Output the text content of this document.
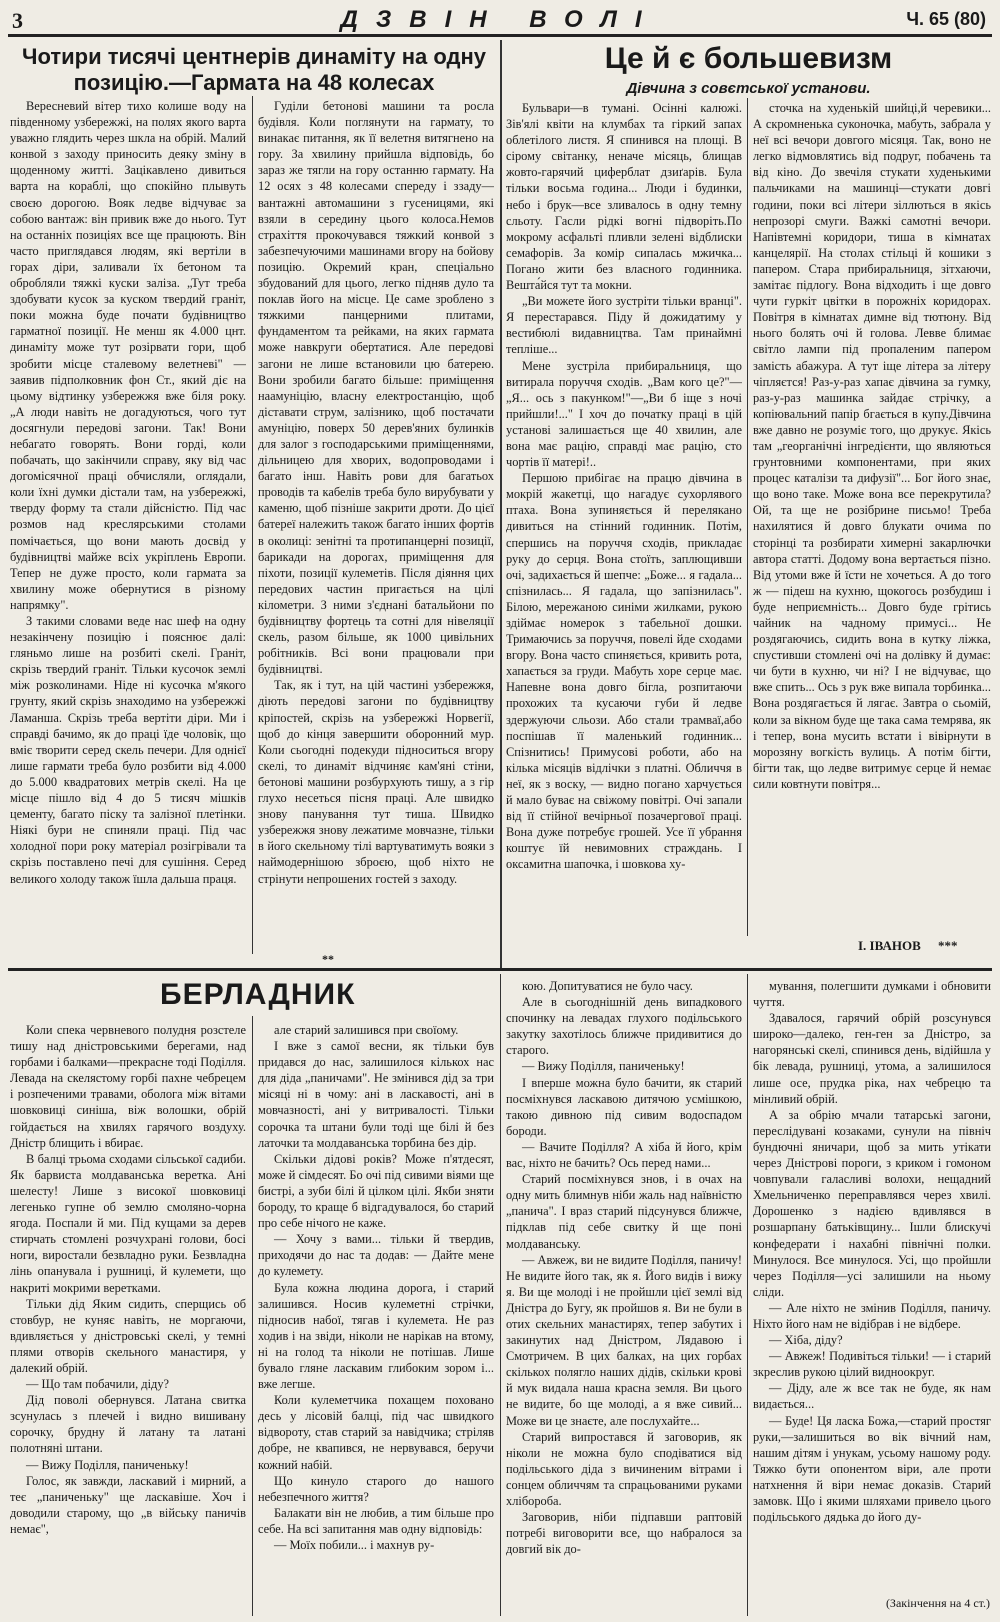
3	ДЗВІН ВОЛІ	Ч. 65 (80)
Чотири тисячі центнерів динаміту на одну позицію.—Гармата на 48 колесах

Вересневий вітер тихо колише воду на південному узбережжі, на полях якого варта уважно глядить через шкла на обрій. Малий конвой з заходу приносить деяку зміну в щоденному житті. Зацікавлено дивиться варта на кораблі, що спокійно плывуть своєю дорогою. Вояк ледве відчуває за собою вантаж: він привик вже до нього. Тут на останніх позиціях все ще працюють. Він часто приглядався людям, які вертіли в горах діри, заливали їх бетоном та обробляли тяжкі куски заліза. „Тут треба здобувати кусок за куском твердий граніт, поки можна буде почати будівництво гарматної позиції. Не менш як 4.000 цнт. динаміту може тут розірвати гори, щоб зробити місце сталевому велетневі" — заявив підполковник фон Ст., який діє на цьому відтинку узбережжя вже біля року. „А люди навіть не догадуються, чого тут досягнули передові загони. Так! Вони небагато говорять. Вони горді, коли побачать, що закінчили справу, яку від час догомісячної праці обчисляли, оглядали, коли їхні думки дістали там, на узбережжі, тверду форму та стали дійсністю. Під час розмов над креслярськими столами помічається, що вони мають досвід у будівництві майже всіх укріплень Европи. Тепер не дуже просто, коли гармата за хвилину може обернутися в різному напрямку".

З такими словами веде нас шеф на одну незакінчену позицію і пояснює далі: гляньмо лише на розбиті скелі. Граніт, скрізь твердий граніт. Тільки кусочок землі між розколинами. Ніде ні кусочка м'якого грунту, який скрізь знаходимо на узбережжі Ламанша. Скрізь треба вертіти діри. Ми і справді бачимо, як до праці їде чоловік, що вміє творити серед скель печери. Для однієї лише гармати треба було розбити від 4.000 до 5.000 квадратових метрів скелі. На це місце пішло від 4 до 5 тисяч мішків цементу, багато піску та залізної плетінки. Ніякі бури не спиняли праці. Під час холодної пори року матеріал розігрівали та скрізь поставлено печі для сушіння. Серед великого холоду також їшла дальша праця.

Гуділи бетонові машини та росла будівля. Коли поглянути на гармату, то винакає питання, як її велетня витягнено на гору. За хвилину прийшла відповідь, бо зараз же тягли на гору останню гармату. На 12 осях з 48 колесами спереду і ззаду—вантажні автомашини з гусеницями, які взяли в середину цього колоса.Немов страхіття прокочувався тяжкий конвой з забезпечуючими машинами вгору на бойову позицію. Окремий кран, спеціально збудований для цього, легко підняв дуло та поклав його на місце. Це саме зроблено з тяжкими панцерними плитами, фундаментом та рейками, на яких гармата може навкруги обертатися. Але передові загони не лише встановили цю батерею. Вони зробили багато більше: приміщення наамуніцію, власну електростанцію, щоб діставати струм, залізнико, щоб постачати амуніцію, поверх 50 дерев'яних булинків для залог з господарськими приміщеннями, дільницею для хворих, водопроводами і багато інш. Навіть рови для багатьох проводів та кабелів треба було вирубувати у каменю, щоб пізніше закрити дроти. До цієї батереї належить також багато інших фортів в околиці: зенітні та протипанцерні позиції, барикади на дорогах, приміщення для піхоти, позиції кулеметів. Після діяння цих передових частин пригається на цілі кілометри. З ними з'єднані батальйони по будівництву фортець та сотні для нівеляції скель, разом більше, як 1000 цивільних робітників. Всі вони працювали при будівництві.

Так, як і тут, на цій частині узбережжя, діють передові загони по будівництву кріпостей, скрізь на узбережжі Норвегії, щоб до кінця завершити оборонний мур. Коли сьогодні подекуди підноситься вгору скелі, то динаміт відчиняє кам'яні стіни, бетонові машини розбурхують тишу, а з гір глухо несеться пісня праці. Але швидко знову панування тут тиша. Швидко узбережжя знову лежатиме мовчазне, тільки в його скельному тілі вартуватимуть вояки з наймодернішою зброєю, щоб ніхто не стрінути непрошених гостей з заходу.

**
Це й є большевизм
Дівчина з совєтської установи.

Бульвари—в тумані. Осінні калюжі. Зів'ялі квіти на клумбах та гіркий запах облетілого листя. Я спинився на площі. В сірому світанку, неначе місяць, блищав жовто-гарячий циферблат дзиґарів. Була тільки восьма година... Люди і будинки, небо і брук—все зливалось в одну темну сльоту. Гасли рідкі вогні підворіть.По мокрому асфальті пливли зелені відблиски семафорів. За комір сипалась мжичка... Погано жити без власного годинника. Вешта́йся тут та мокни.

„Ви можете його зустріти тільки вранці". Я перестарався. Піду й дожидатиму у вестибюлі видавництва. Там принаймні тепліше...

Мене зустріла прибиральниця, що витирала поруччя сходів. „Вам кого це?"—„Я... ось з пакунком!"—„Ви б іще з ночі прийшли!..." І хоч до початку праці в цій установі залишається ще 40 хвилин, але вона має рацію, справді має рацію, сто чортів її матері!..

Першою прибігає на працю дівчина в мокрій жакетці, що нагадує сухорлявого птаха. Вона зупиняється й перелякано дивиться на стінний годинник. Потім, спершись на поруччя сходів, прикладає руку до серця. Вона стоїть, заплющивши очі, задихається й шепче: „Боже... я гадала... спізнилась... Я гадала, що запізнилась". Білою, мережаною синіми жилками, рукою здіймає номерок з табельної дошки. Тримаючись за поруччя, повелі йде сходами вгору. Вона часто спиняється, кривить рота, хапається за груди. Мабуть хоре серце має. Напевне вона довго бігла, розпитаючи прохожих та кусаючи губи й ледве здержуючи сльози. Або стали трамваї,або поспішав її маленький годинник... Спізнитись! Примусові роботи, або на кілька місяців відлічки з платні. Обличчя в неї, як з воску, — видно погано харчується й мало буває на свіжому повітрі. Очі запали від її стійної вечірньої позачергової праці. Вона дуже потребує грошей. Усе її убрання коштує їй невимовних страждань. І оксамитна шапочка, і шовкова ху-

сточка на худенькій шийці,й черевики... А скромненька суконочка, мабуть, забрала у неї всі вечори довгого місяця. Так, воно не легко відмовлятись від подруг, побачень та від кіно. До звечіля стукати худенькими пальчиками на машинці—стукати довгі години, поки всі літери зіллються в якісь непрозорі смуги. Важкі самотні вечори. Напівтемні коридори, тиша в кімнатах канцелярії. На столах стільці й кошики з папером. Стара прибиральниця, зітхаючи, замітає підлогу. Вона відходить і ще довго чути гуркіт цвітки в порожніх коридорах. Повітря в кімнатах димне від тютюну. Від нього болять очі й голова. Левве блимає світло лампи під пропаленим папером замість абажура. А тут іще літера за літеру чіпляєтся! Раз-у-раз хапає дівчина за гумку, раз-у-раз машинка зайдає стрічку, а копіювальний папір бгається в купу.Дівчина вже давно не розуміє того, що друкує. Якісь там „георганічні інгредієнти, що являються грунтовними компонентами, при яких процес каталізи та дифузії"... Бог його знає, що воно таке. Може вона все перекрутила? Ой, та ще не розібрине письмо! Треба нахилятися й довго блукати очима по сторінці та розбирати химерні закарлючки автора статті. Додому вона вертається пізно. Від утоми вже й їсти не хочеться. А до того ж — підеш на кухню, щокогось розбудиш і буде неприємність... Довго буде грітись чайник на чадному примусі... Не роздягаючись, сидить вона в кутку ліжка, спустивши стомлені очі на долівку й думає: чи бути в кухню, чи ні? І не відчуває, що вже спить... Ось з рук вже випала торбинка... Вона роздягається й лягає. Завтра о сьомій, коли за вікном буде ще така сама темрява, як і тепер, вона мусить встати і вівірнути в морозяну вогкість вулиць. А потім бігти, бігти так, що ледве витримує серце й немає сили ковтнути повітря...

І. ІВАНОВ ***
БЕРЛАДНИК

Коли спека червневого полудня розстеле тишу над дністровськими берегами, над горбами і балками—прекрасне тоді Поділля. Левада на скелястому горбі пахне чебрецем і розпеченими травами, оболога між вітами шовковиці синіша, віж волошки, обрій гойдається на хвилях гарячого воздуху. Дністр блищить і вбирає.

В балці трьома сходами сільської садиби. Як барвиста молдаванська веретка. Ані шелесту! Лише з високої шовковиці легенько гупне об землю смоляно-чорна ягода. Поспали й ми. Під кущами за дерев стирчать стомлені розчухрані голови, босі ноги, виростали безвладно руки. Безвладна лінь опанувала і рушниці, й кулемети, що накриті мокрими веретками.

Тільки дід Яким сидить, сперщись об стовбур, не куняє навіть, не моргаючи, вдивляється у дністровські скелі, у темні плями отворів скельного манастиря, у далекий обрій.

— Що там побачили, діду?

Дід поволі обернувся. Латана свитка зсунулась з плечей і видно вишивану сорочку, брудну й латану та латані полотняні штани.

— Вижу Поділля, паниченьку!

Голос, як завжди, ласкавий і мирний, а теє „паниченьку" ще ласкавіше. Хоч і доводили старому, що „в війську паничів немає",

але старий залишився при своїому.

І вже з самої весни, як тільки був придався до нас, залишилося кількох нас для діда „паничами". Не змінився дід за три місяці ні в чому: ані в ласкавості, ані в мовчазності, ані у витривалості. Тільки сорочка та штани були тоді ще білі й без латочки та молдаванська торбина без дір.

Скільки дідові років? Може п'ятдесят, може й сімдесят. Бо очі під сивими віями ще бистрі, а зуби білі й цілком цілі. Якби зняти бороду, то краще б відгадувалося, бо старий про себе нічого не каже.

— Хочу з вами... тільки й твердив, приходячи до нас та додав: — Дайте мене до кулемету.

Була кожна людина дорога, і старий залишився. Носив кулеметні стрічки, підносив набої, тягав і кулемета. Не раз ходив і на звіди, ніколи не нарікав на втому, ні на голод та ніколи не потішав. Лише бувало гляне ласкавим глибоким зором і... вже легше.

Коли кулеметчика похащем поховано десь у лісовій балці, під час швидкого відвороту, став старий за навідчика; стріляв добре, не квапився, не нервувався, беручи кожний набій.

Що кинуло старого до нашого небезпечного життя?

Балакати він не любив, а тим більше про себе. На всі запитання мав одну відповідь:

— Моїх побили... і махнув ру-

кою. Допитуватися не було часу.

Але в сьогоднішній день випадкового спочинку на левадах глухого подільського закутку захотілось ближче придивитися до старого.

— Вижу Поділля, паниченьку!

І вперше можна було бачити, як старий посміхнувся ласкавою дитячою усмішкою, такою дивною під сивим водоспадом бороди.

— Вачите Поділля? А хіба й його, крім вас, ніхто не бачить? Ось перед нами...

Старий посміхнувся знов, і в очах на одну мить блимнув ніби жаль над наївністю „панича". І враз старий підсунувся ближче, підклав під себе свитку й ще поні молдаванську.

— Авжеж, ви не видите Поділля, паничу! Не видите його так, як я. Його видів і вижу я. Ви ще молоді і не пройшли цієї землі від Дністра до Бугу, як пройшов я. Ви не були в отих скельних манастирях, тепер забутих і закинутих над Дністром, Лядавою і Смотричем. В цих балках, на цих горбах скількох полягло наших дідів, скільки крові й мук видала наша красна земля. Ви цього не видите, бо ще молоді, а я вже сивий... Може ви це знаєте, але послухайте...

Старий випростався й заговорив, як ніколи не можна було сподіватися від подільського діда з вичиненим вітрами і сонцем обличчям та спрацьованими руками хлібороба.

Заговорив, ніби підпавши раптовій потребі виговорити все, що набралося за довгий вік до-

мування, полегшити думками і обновити чуття.

Здавалося, гарячий обрій розсунувся широко—далеко, ген-ген за Дністро, за нагорянські скелі, спинився день, відійшла у бік левада, рушниці, утома, а залишилося лише осе, прудка ріка, нах чебрецю та мінливий обрій.

А за обрію мчали татарські загони, переслідувані козаками, сунули на північ бундючні яничари, щоб за мить утікати через Дністрові пороги, з криком і гомоном човпували галасливі волохи, нещадний Хмельниченко переправлявся через хвилі. Дорошенко з надією вдивлявся в розшарпану батьківщину... Ішли блискучі конфедерати і нахабні північні полки. Минулося. Все минулося. Усі, що пройшли через Поділля—усі залишили на ньому сліди.

— Але ніхто не змінив Поділля, паничу. Ніхто його нам не відібрав і не відбере.

— Хіба, діду?

— Авжеж! Подивіться тільки! — і старий зкреслив рукою цілий видноокруг.

— Діду, але ж все так не буде, як нам видається...

— Буде! Ця ласка Божа,—старий простяг руки,—залишиться во вік вічний нам, нашим дітям і унукам, усьому нашому роду. Тяжко бути опонентом віри, але проти натхнення й віри немає доказів. Старий замовк. Що і якими шляхами привело цього подільського дядька до його ду-

(Закінчення на 4 ст.)
